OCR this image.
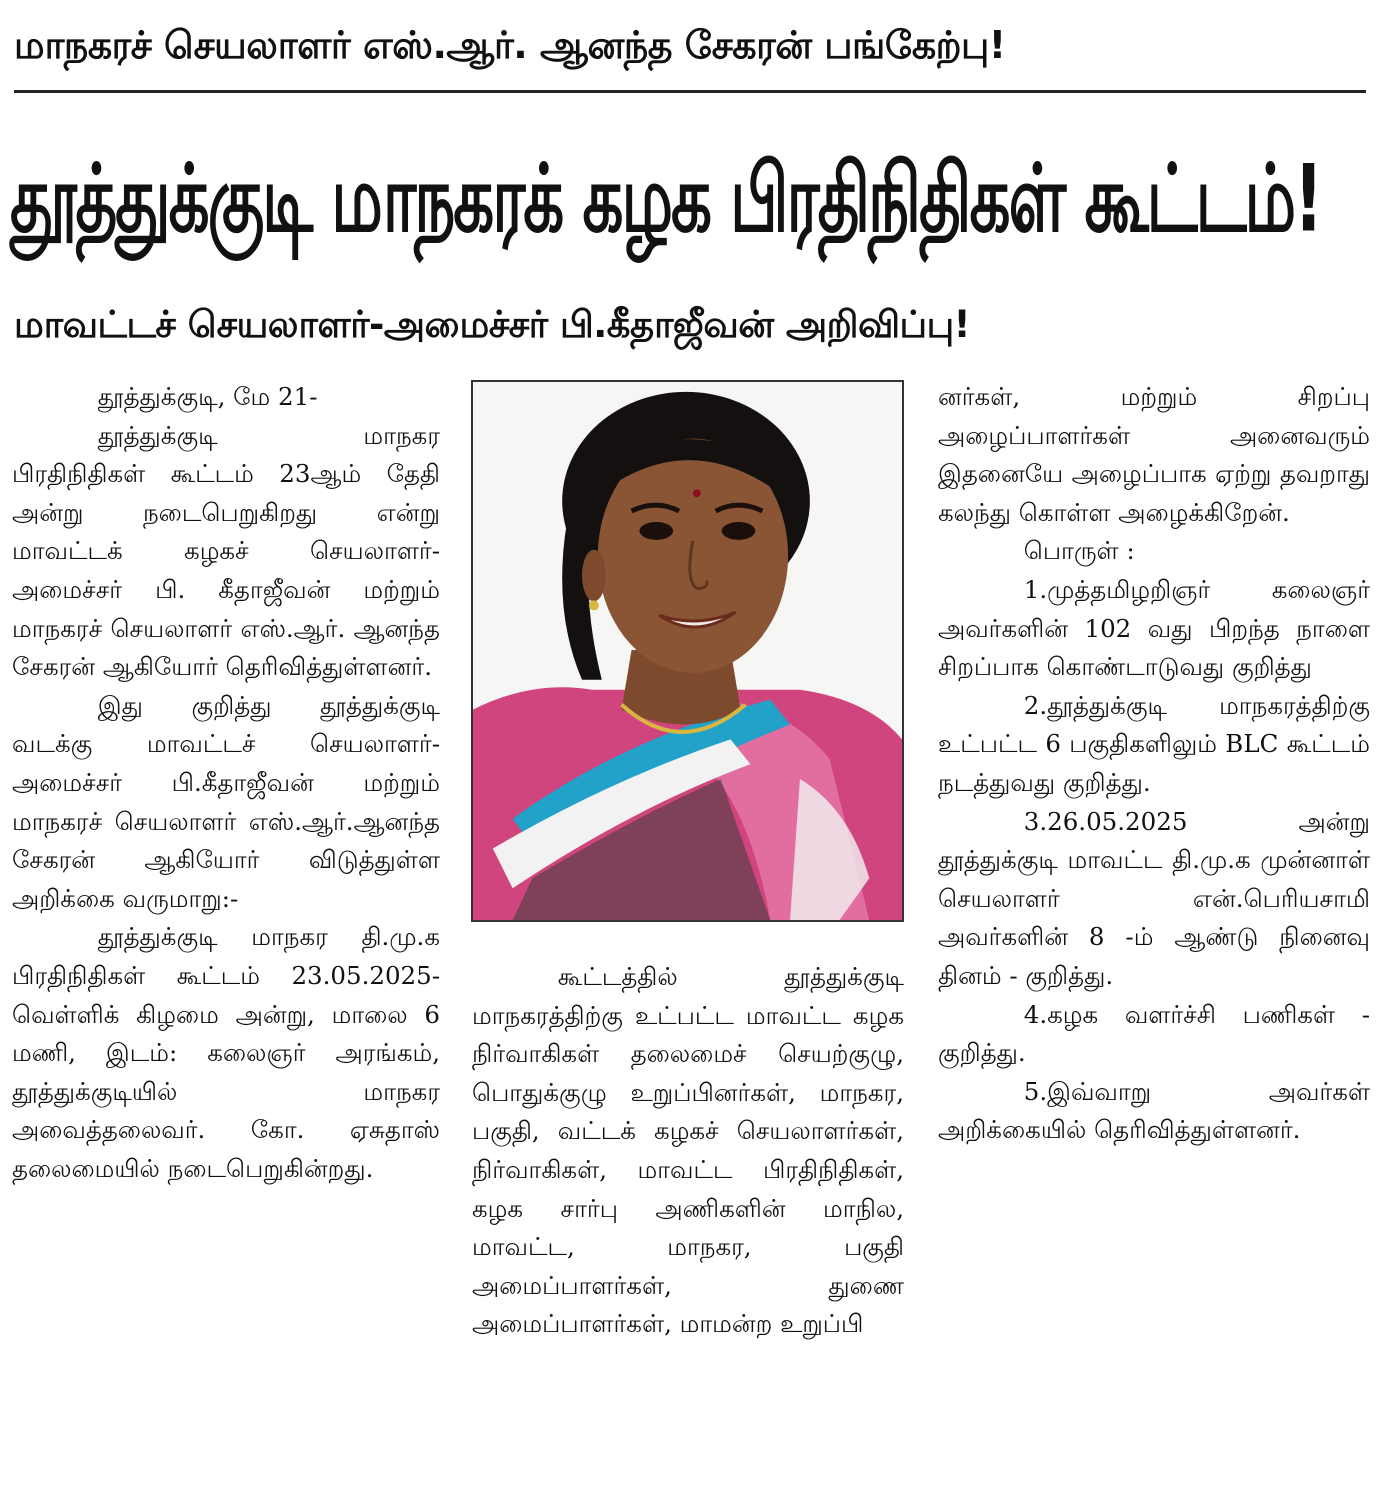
மாநகரச் செயலாளர் எஸ்.ஆர். ஆனந்த சேகரன் பங்கேற்பு!
தூத்துக்குடி மாநகரக் கழக பிரதிநிதிகள் கூட்டம்!
மாவட்டச் செயலாளர்-அமைச்சர் பி.கீதாஜீவன் அறிவிப்பு!

தூத்துக்குடி, மே 21-

தூத்துக்குடி மாநகர பிரதிநிதிகள் கூட்டம் 23ஆம் தேதி அன்று நடைபெறுகிறது என்று மாவட்டக் கழகச் செயலாளர்-அமைச்சர் பி. கீதாஜீவன் மற்றும் மாநகரச் செயலாளர் எஸ்.ஆர். ஆனந்த சேகரன் ஆகியோர் தெரிவித்துள்ளனர்.

இது குறித்து தூத்துக்குடி வடக்கு மாவட்டச் செயலாளர்-அமைச்சர் பி.கீதாஜீவன் மற்றும் மாநகரச் செயலாளர் எஸ்.ஆர்.ஆனந்த சேகரன் ஆகியோர் விடுத்துள்ள அறிக்கை வருமாறு:-

தூத்துக்குடி மாநகர தி.மு.க பிரதிநிதிகள் கூட்டம் 23.05.2025-வெள்ளிக் கிழமை அன்று, மாலை 6 மணி, இடம்: கலைஞர் அரங்கம், தூத்துக்குடியில் மாநகர அவைத்தலைவர். கோ. ஏசுதாஸ் தலைமையில் நடைபெறுகின்றது.

கூட்டத்தில் தூத்துக்குடி மாநகரத்திற்கு உட்பட்ட மாவட்ட கழக நிர்வாகிகள் தலைமைச் செயற்குழு, பொதுக்குழு உறுப்பினர்கள், மாநகர, பகுதி, வட்டக் கழகச் செயலாளர்கள், நிர்வாகிகள், மாவட்ட பிரதிநிதிகள், கழக சார்பு அணிகளின் மாநில, மாவட்ட, மாநகர, பகுதி அமைப்பாளர்கள், துணை அமைப்பாளர்கள், மாமன்ற உறுப்பி

னர்கள், மற்றும் சிறப்பு அழைப்பாளர்கள் அனைவரும் இதனையே அழைப்பாக ஏற்று தவறாது கலந்து கொள்ள அழைக்கிறேன்.

பொருள் :

1.முத்தமிழறிஞர் கலைஞர் அவர்களின் 102 வது பிறந்த நாளை சிறப்பாக கொண்டாடுவது குறித்து

2.தூத்துக்குடி மாநகரத்திற்கு உட்பட்ட 6 பகுதிகளிலும் BLC கூட்டம் நடத்துவது குறித்து.

3.26.05.2025 அன்று தூத்துக்குடி மாவட்ட தி.மு.க முன்னாள் செயலாளர் என்.பெரியசாமி அவர்களின் 8 -ம் ஆண்டு நினைவு தினம் - குறித்து.

4.கழக வளர்ச்சி பணிகள் - குறித்து.

5.இவ்வாறு அவர்கள் அறிக்கையில் தெரிவித்துள்ளனர்.
